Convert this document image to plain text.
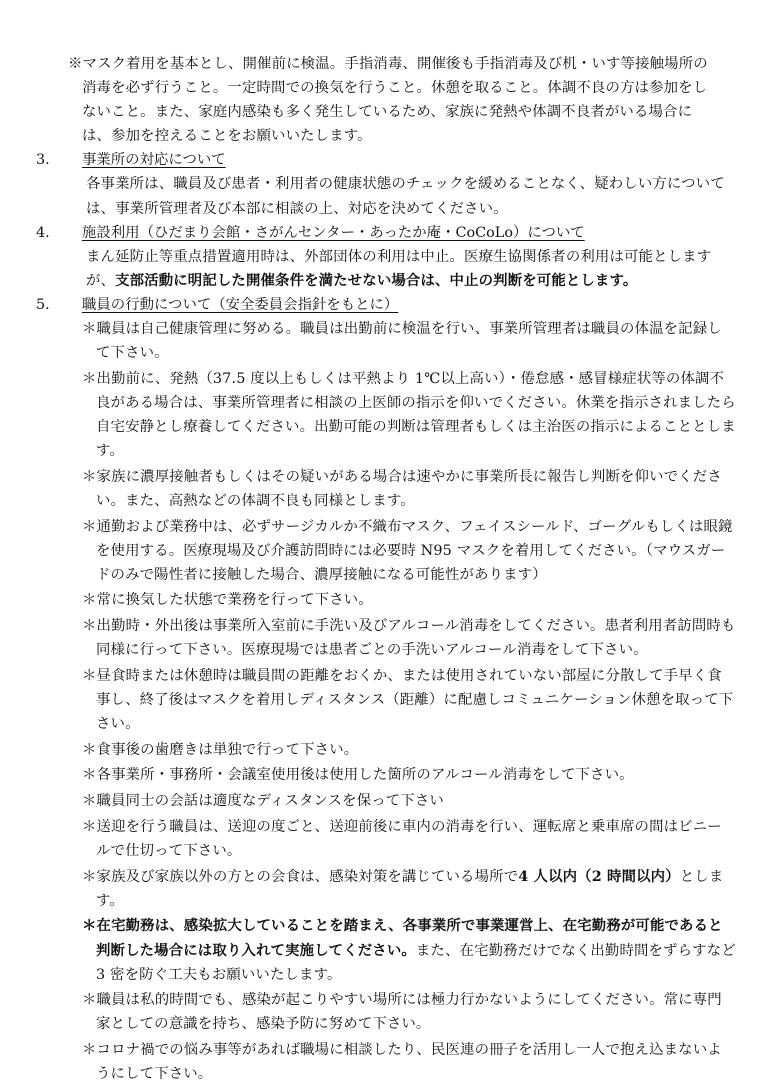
※マスク着用を基本とし、開催前に検温。手指消毒、開催後も手指消毒及び机・いす等接触場所の消毒を必ず行うこと。一定時間での換気を行うこと。休憩を取ること。体調不良の方は参加をしないこと。また、家庭内感染も多く発生しているため、家族に発熱や体調不良者がいる場合には、参加を控えることをお願いいたします。

3. 事業所の対応について

各事業所は、職員及び患者・利用者の健康状態のチェックを緩めることなく、疑わしい方については、事業所管理者及び本部に相談の上、対応を決めてください。

4. 施設利用（ひだまり会館・さがんセンター・あったか庵・CoCoLo）について

まん延防止等重点措置適用時は、外部団体の利用は中止。医療生協関係者の利用は可能としますが、支部活動に明記した開催条件を満たせない場合は、中止の判断を可能とします。

5. 職員の行動について（安全委員会指針をもとに）

＊職員は自己健康管理に努める。職員は出勤前に検温を行い、事業所管理者は職員の体温を記録して下さい。

＊出勤前に、発熱（37.5 度以上もしくは平熱より 1℃以上高い）・倦怠感・感冒様症状等の体調不良がある場合は、事業所管理者に相談の上医師の指示を仰いでください。休業を指示されましたら自宅安静とし療養してください。出勤可能の判断は管理者もしくは主治医の指示によることとします。

＊家族に濃厚接触者もしくはその疑いがある場合は速やかに事業所長に報告し判断を仰いでください。また、高熱などの体調不良も同様とします。

＊通勤および業務中は、必ずサージカルか不織布マスク、フェイスシールド、ゴーグルもしくは眼鏡を使用する。医療現場及び介護訪問時には必要時 N95 マスクを着用してください。（マウスガードのみで陽性者に接触した場合、濃厚接触になる可能性があります）

＊常に換気した状態で業務を行って下さい。

＊出勤時・外出後は事業所入室前に手洗い及びアルコール消毒をしてください。患者利用者訪問時も同様に行って下さい。医療現場では患者ごとの手洗いアルコール消毒をして下さい。

＊昼食時または休憩時は職員間の距離をおくか、または使用されていない部屋に分散して手早く食事し、終了後はマスクを着用しディスタンス（距離）に配慮しコミュニケーション休憩を取って下さい。

＊食事後の歯磨きは単独で行って下さい。

＊各事業所・事務所・会議室使用後は使用した箇所のアルコール消毒をして下さい。

＊職員同士の会話は適度なディスタンスを保って下さい

＊送迎を行う職員は、送迎の度ごと、送迎前後に車内の消毒を行い、運転席と乗車席の間はビニールで仕切って下さい。

＊家族及び家族以外の方との会食は、感染対策を講じている場所で4 人以内（2 時間以内）とします。

＊在宅勤務は、感染拡大していることを踏まえ、各事業所で事業運営上、在宅勤務が可能であると判断した場合には取り入れて実施してください。また、在宅勤務だけでなく出勤時間をずらすなど 3 密を防ぐ工夫もお願いいたします。

＊職員は私的時間でも、感染が起こりやすい場所には極力行かないようにしてください。常に専門家としての意識を持ち、感染予防に努めて下さい。

＊コロナ禍での悩み事等があれば職場に相談したり、民医連の冊子を活用し一人で抱え込まないようにして下さい。
